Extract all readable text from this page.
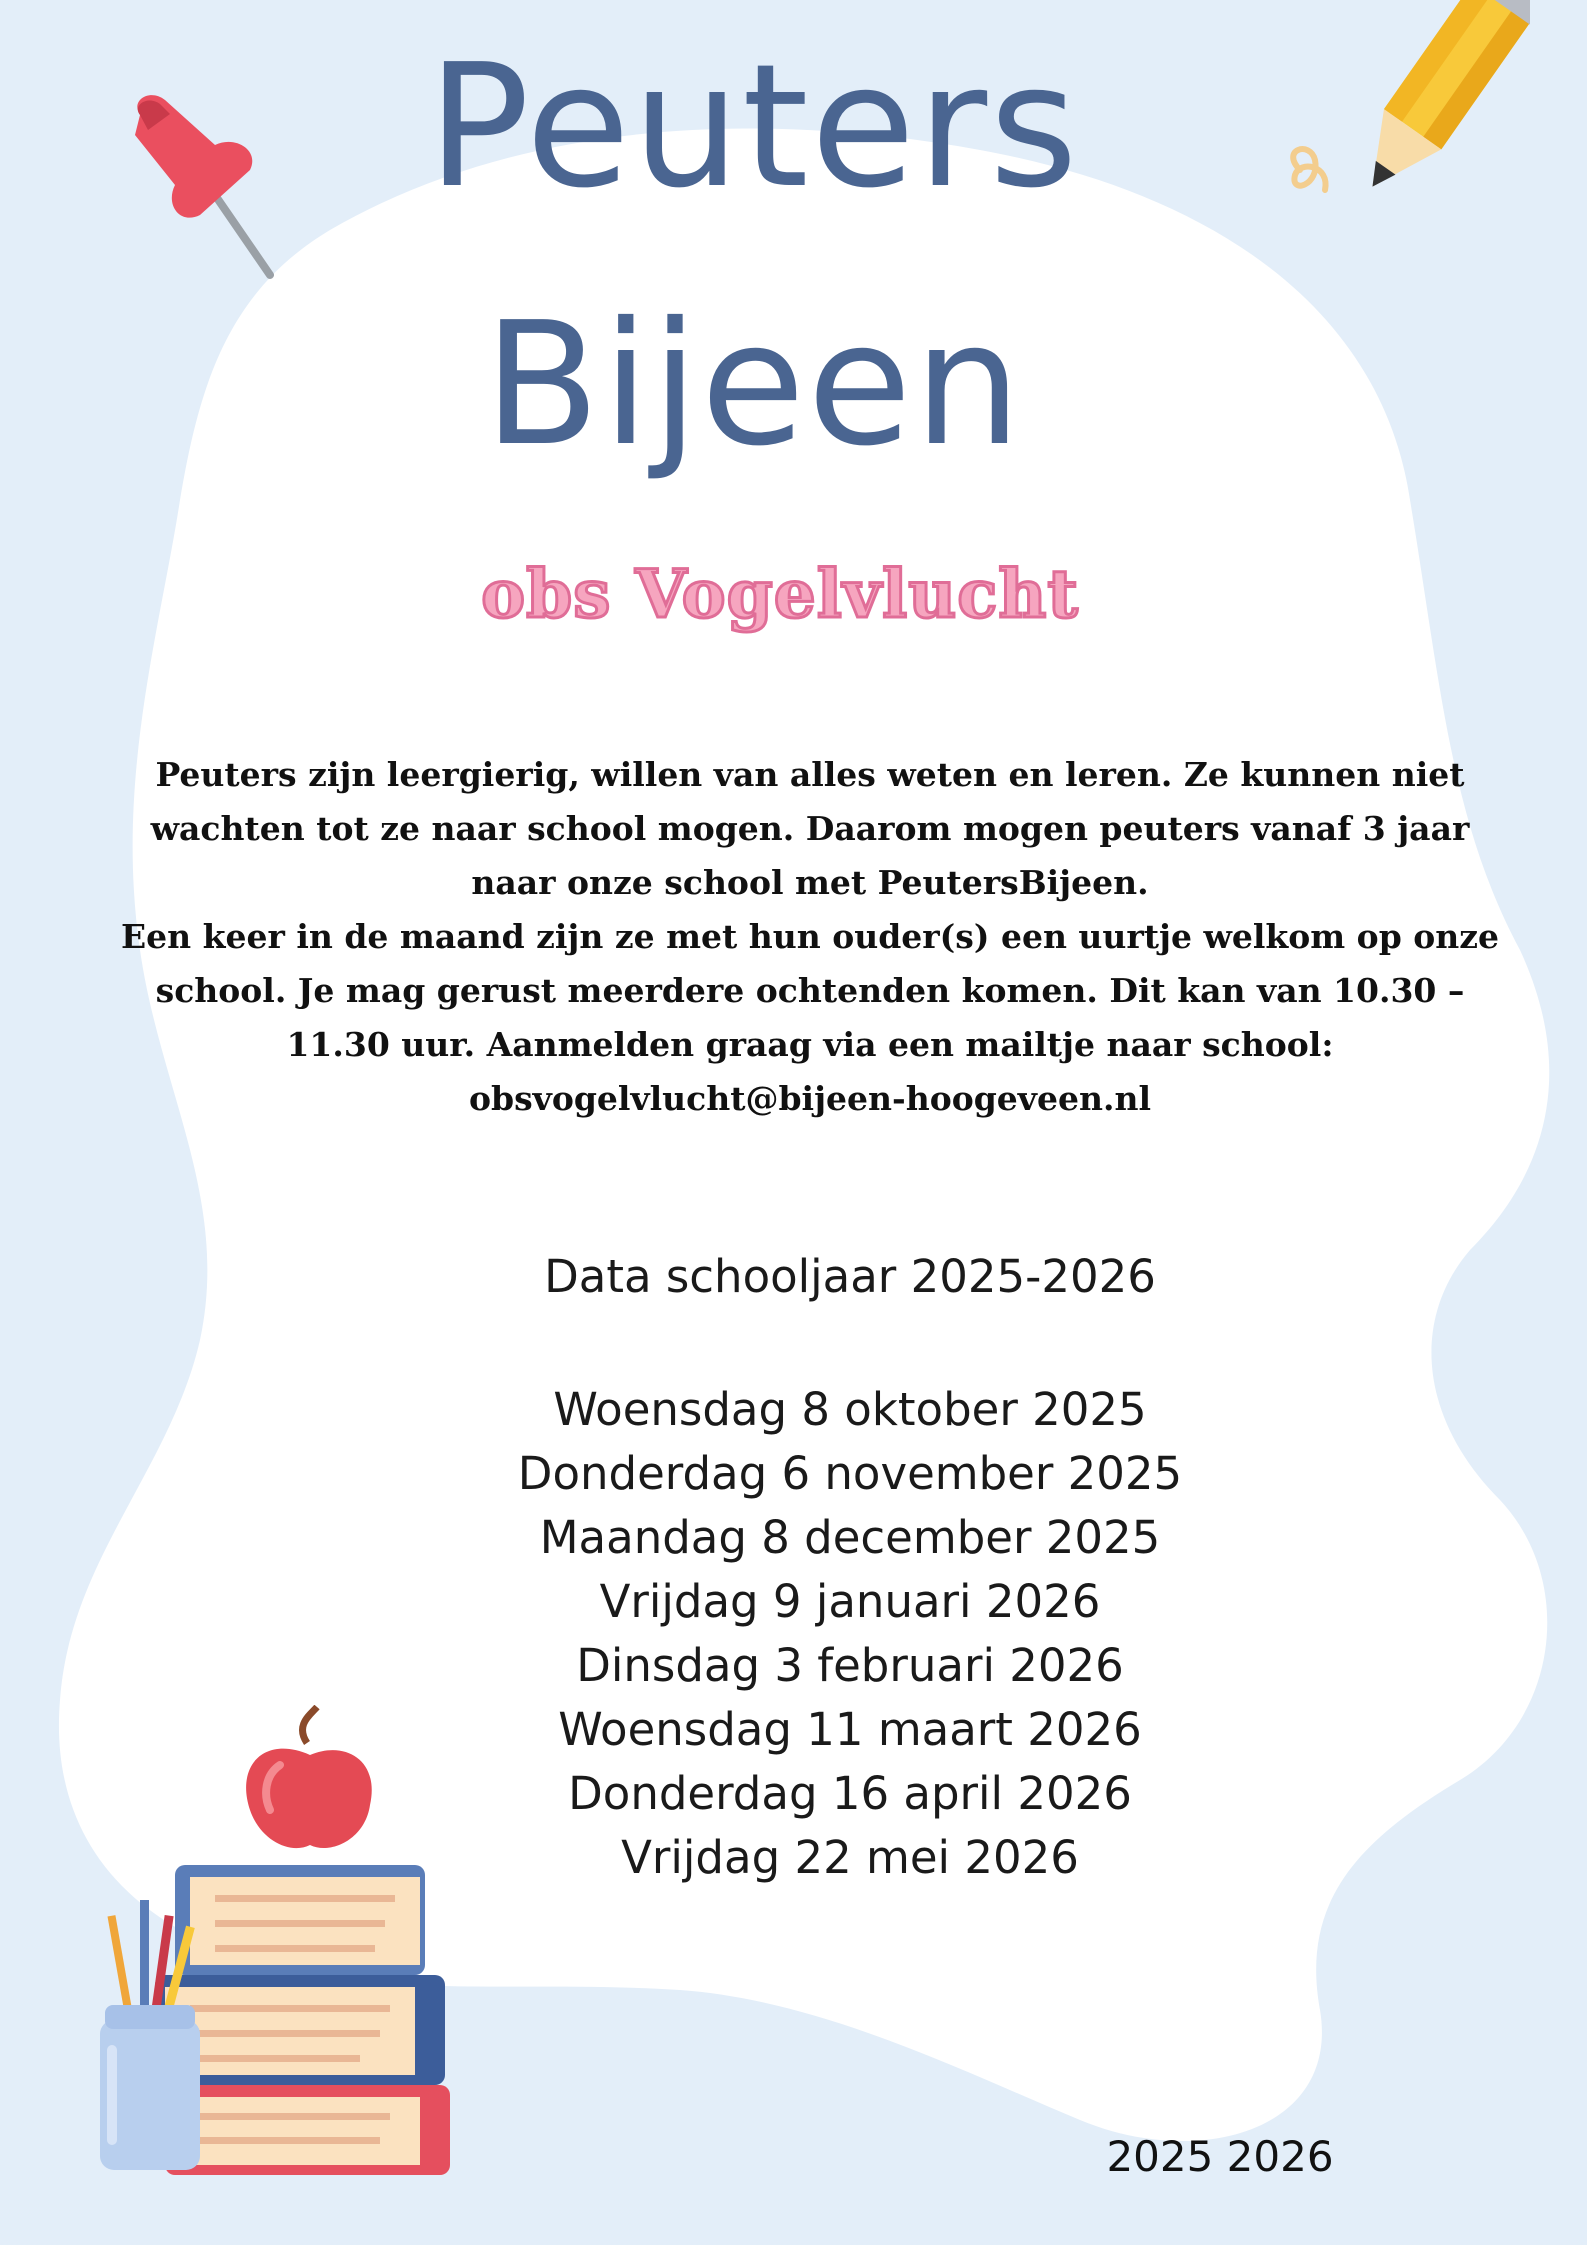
Peuters
Bijeen
obs Vogelvlucht

Peuters zijn leergierig, willen van alles weten en leren. Ze kunnen niet wachten tot ze naar school mogen. Daarom mogen peuters vanaf 3 jaar naar onze school met PeutersBijeen.

Een keer in de maand zijn ze met hun ouder(s) een uurtje welkom op onze school. Je mag gerust meerdere ochtenden komen. Dit kan van 10.30 – 11.30 uur. Aanmelden graag via een mailtje naar school: obsvogelvlucht@bijeen-hoogeveen.nl

Data schooljaar 2025-2026
Woensdag 8 oktober 2025
Donderdag 6 november 2025
Maandag 8 december 2025
Vrijdag 9 januari 2026
Dinsdag 3 februari 2026
Woensdag 11 maart 2026
Donderdag 16 april 2026
Vrijdag 22 mei 2026
2025 2026
